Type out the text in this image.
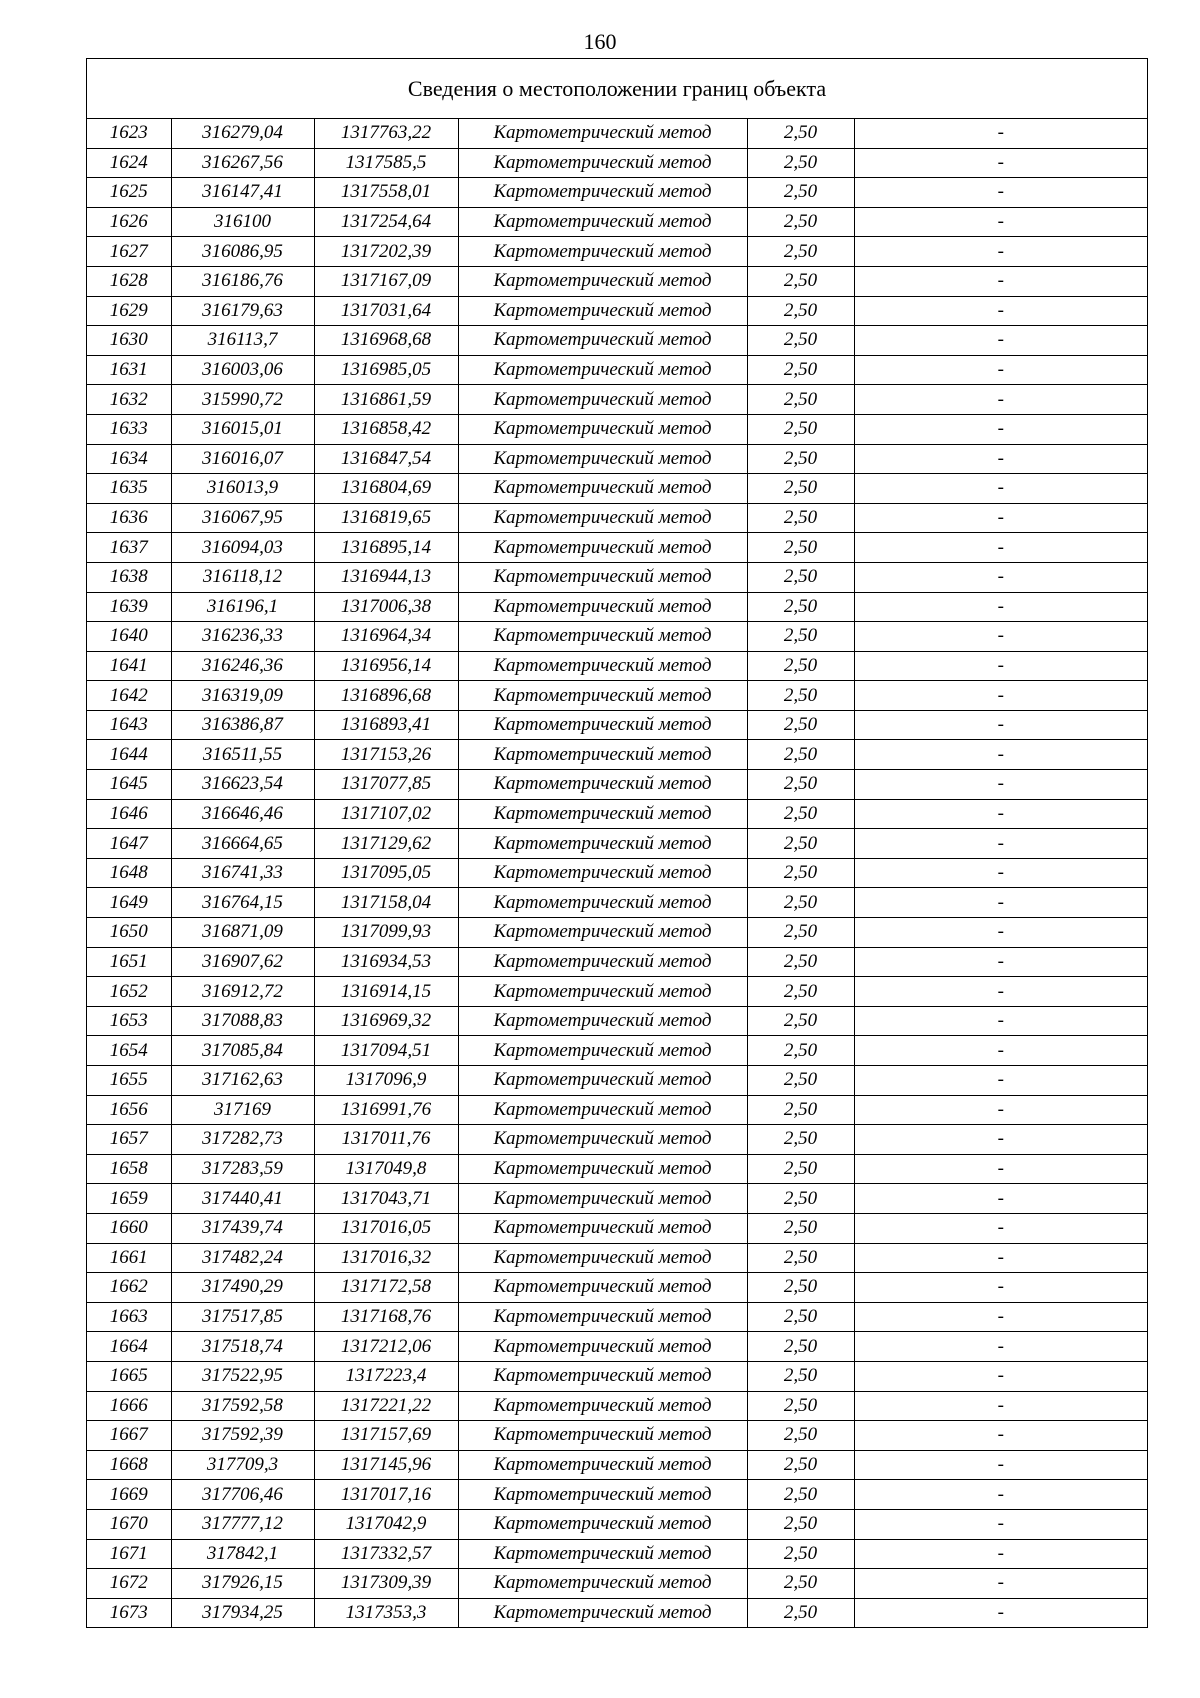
160
Сведения о местоположении границ объекта
1623	316279,04	1317763,22	Картометрический метод	2,50	-
1624	316267,56	1317585,5	Картометрический метод	2,50	-
1625	316147,41	1317558,01	Картометрический метод	2,50	-
1626	316100	1317254,64	Картометрический метод	2,50	-
1627	316086,95	1317202,39	Картометрический метод	2,50	-
1628	316186,76	1317167,09	Картометрический метод	2,50	-
1629	316179,63	1317031,64	Картометрический метод	2,50	-
1630	316113,7	1316968,68	Картометрический метод	2,50	-
1631	316003,06	1316985,05	Картометрический метод	2,50	-
1632	315990,72	1316861,59	Картометрический метод	2,50	-
1633	316015,01	1316858,42	Картометрический метод	2,50	-
1634	316016,07	1316847,54	Картометрический метод	2,50	-
1635	316013,9	1316804,69	Картометрический метод	2,50	-
1636	316067,95	1316819,65	Картометрический метод	2,50	-
1637	316094,03	1316895,14	Картометрический метод	2,50	-
1638	316118,12	1316944,13	Картометрический метод	2,50	-
1639	316196,1	1317006,38	Картометрический метод	2,50	-
1640	316236,33	1316964,34	Картометрический метод	2,50	-
1641	316246,36	1316956,14	Картометрический метод	2,50	-
1642	316319,09	1316896,68	Картометрический метод	2,50	-
1643	316386,87	1316893,41	Картометрический метод	2,50	-
1644	316511,55	1317153,26	Картометрический метод	2,50	-
1645	316623,54	1317077,85	Картометрический метод	2,50	-
1646	316646,46	1317107,02	Картометрический метод	2,50	-
1647	316664,65	1317129,62	Картометрический метод	2,50	-
1648	316741,33	1317095,05	Картометрический метод	2,50	-
1649	316764,15	1317158,04	Картометрический метод	2,50	-
1650	316871,09	1317099,93	Картометрический метод	2,50	-
1651	316907,62	1316934,53	Картометрический метод	2,50	-
1652	316912,72	1316914,15	Картометрический метод	2,50	-
1653	317088,83	1316969,32	Картометрический метод	2,50	-
1654	317085,84	1317094,51	Картометрический метод	2,50	-
1655	317162,63	1317096,9	Картометрический метод	2,50	-
1656	317169	1316991,76	Картометрический метод	2,50	-
1657	317282,73	1317011,76	Картометрический метод	2,50	-
1658	317283,59	1317049,8	Картометрический метод	2,50	-
1659	317440,41	1317043,71	Картометрический метод	2,50	-
1660	317439,74	1317016,05	Картометрический метод	2,50	-
1661	317482,24	1317016,32	Картометрический метод	2,50	-
1662	317490,29	1317172,58	Картометрический метод	2,50	-
1663	317517,85	1317168,76	Картометрический метод	2,50	-
1664	317518,74	1317212,06	Картометрический метод	2,50	-
1665	317522,95	1317223,4	Картометрический метод	2,50	-
1666	317592,58	1317221,22	Картометрический метод	2,50	-
1667	317592,39	1317157,69	Картометрический метод	2,50	-
1668	317709,3	1317145,96	Картометрический метод	2,50	-
1669	317706,46	1317017,16	Картометрический метод	2,50	-
1670	317777,12	1317042,9	Картометрический метод	2,50	-
1671	317842,1	1317332,57	Картометрический метод	2,50	-
1672	317926,15	1317309,39	Картометрический метод	2,50	-
1673	317934,25	1317353,3	Картометрический метод	2,50	-
